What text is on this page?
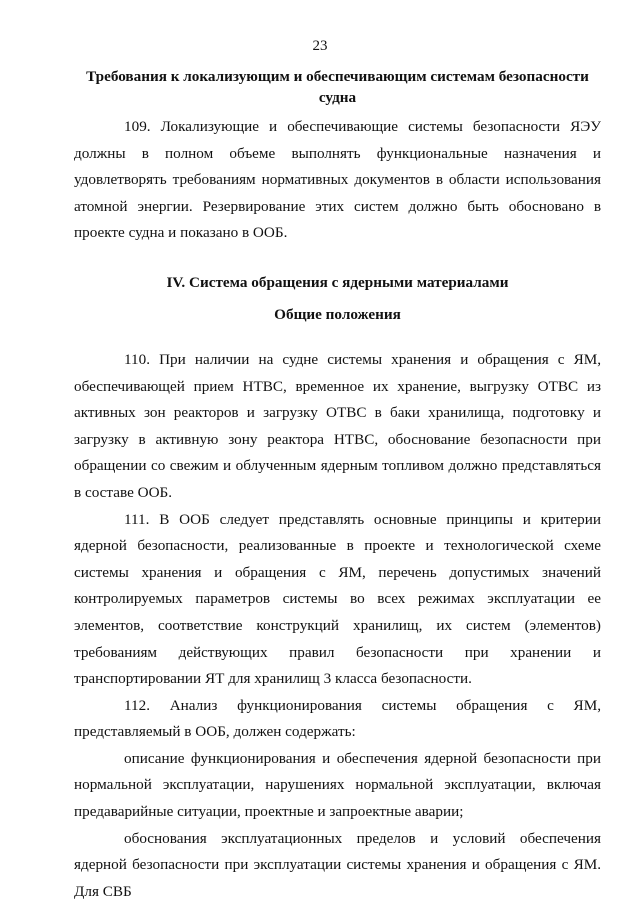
23
Требования к локализующим и обеспечивающим системам безопасности судна

109. Локализующие и обеспечивающие системы безопасности ЯЭУ должны в полном объеме выполнять функциональные назначения и удовлетворять требованиям нормативных документов в области использования атомной энергии. Резервирование этих систем должно быть обосновано в проекте судна и показано в ООБ.

IV. Система обращения с ядерными материалами
Общие положения

110. При наличии на судне системы хранения и обращения с ЯМ, обеспечивающей прием НТВС, временное их хранение, выгрузку ОТВС из активных зон реакторов и загрузку ОТВС в баки хранилища, подготовку и загрузку в активную зону реактора НТВС, обоснование безопасности при обращении со свежим и облученным ядерным топливом должно представляться в составе ООБ.

111. В ООБ следует представлять основные принципы и критерии ядерной безопасности, реализованные в проекте и технологической схеме системы хранения и обращения с ЯМ, перечень допустимых значений контролируемых параметров системы во всех режимах эксплуатации ее элементов, соответствие конструкций хранилищ, их систем (элементов) требованиям действующих правил безопасности при хранении и транспортировании ЯТ для хранилищ 3 класса безопасности.

112. Анализ функционирования системы обращения с ЯМ, представляемый в ООБ, должен содержать:

описание функционирования и обеспечения ядерной безопасности при нормальной эксплуатации, нарушениях нормальной эксплуатации, включая предаварийные ситуации, проектные и запроектные аварии;

обоснования эксплуатационных пределов и условий обеспечения ядерной безопасности при эксплуатации системы хранения и обращения с ЯМ. Для СВБ
